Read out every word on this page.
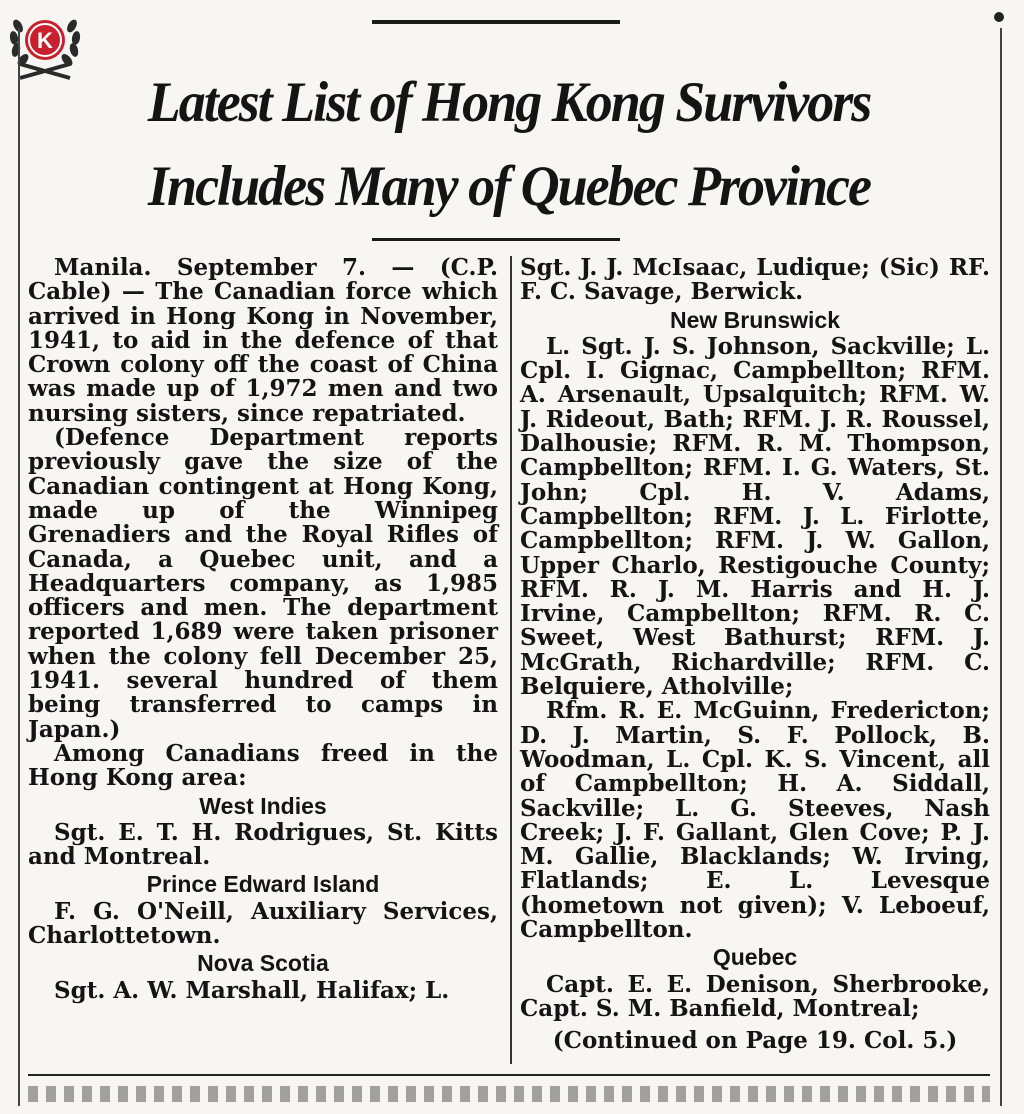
K
Latest List of Hong Kong Survivors
Includes Many of Quebec Province

Manila. September 7. — (C.P. Cable) — The Canadian force which arrived in Hong Kong in November, 1941, to aid in the defence of that Crown colony off the coast of China was made up of 1,972 men and two nursing sisters, since repatriated.

(Defence Department reports previously gave the size of the Canadian contingent at Hong Kong, made up of the Winnipeg Grenadiers and the Royal Rifles of Canada, a Quebec unit, and a Headquarters company, as 1,985 officers and men. The department reported 1,689 were taken prisoner when the colony fell December 25, 1941. several hundred of them being transferred to camps in Japan.)

Among Canadians freed in the Hong Kong area:

West Indies

Sgt. E. T. H. Rodrigues, St. Kitts and Montreal.

Prince Edward Island

F. G. O'Neill, Auxiliary Services, Charlottetown.

Nova Scotia

Sgt. A. W. Marshall, Halifax; L.

Sgt. J. J. McIsaac, Ludique; (Sic) RF. F. C. Savage, Berwick.

New Brunswick

L. Sgt. J. S. Johnson, Sackville; L. Cpl. I. Gignac, Campbellton; RFM. A. Arsenault, Upsalquitch; RFM. W. J. Rideout, Bath; RFM. J. R. Roussel, Dalhousie; RFM. R. M. Thompson, Campbellton; RFM. I. G. Waters, St. John; Cpl. H. V. Adams, Campbellton; RFM. J. L. Firlotte, Campbellton; RFM. J. W. Gallon, Upper Charlo, Restigouche County; RFM. R. J. M. Harris and H. J. Irvine, Campbellton; RFM. R. C. Sweet, West Bathurst; RFM. J. McGrath, Richardville; RFM. C. Belquiere, Atholville;

Rfm. R. E. McGuinn, Fredericton; D. J. Martin, S. F. Pollock, B. Woodman, L. Cpl. K. S. Vincent, all of Campbellton; H. A. Siddall, Sackville; L. G. Steeves, Nash Creek; J. F. Gallant, Glen Cove; P. J. M. Gallie, Blacklands; W. Irving, Flatlands; E. L. Levesque (hometown not given); V. Leboeuf, Campbellton.

Quebec

Capt. E. E. Denison, Sherbrooke, Capt. S. M. Banfield, Montreal;

(Continued on Page 19. Col. 5.)
